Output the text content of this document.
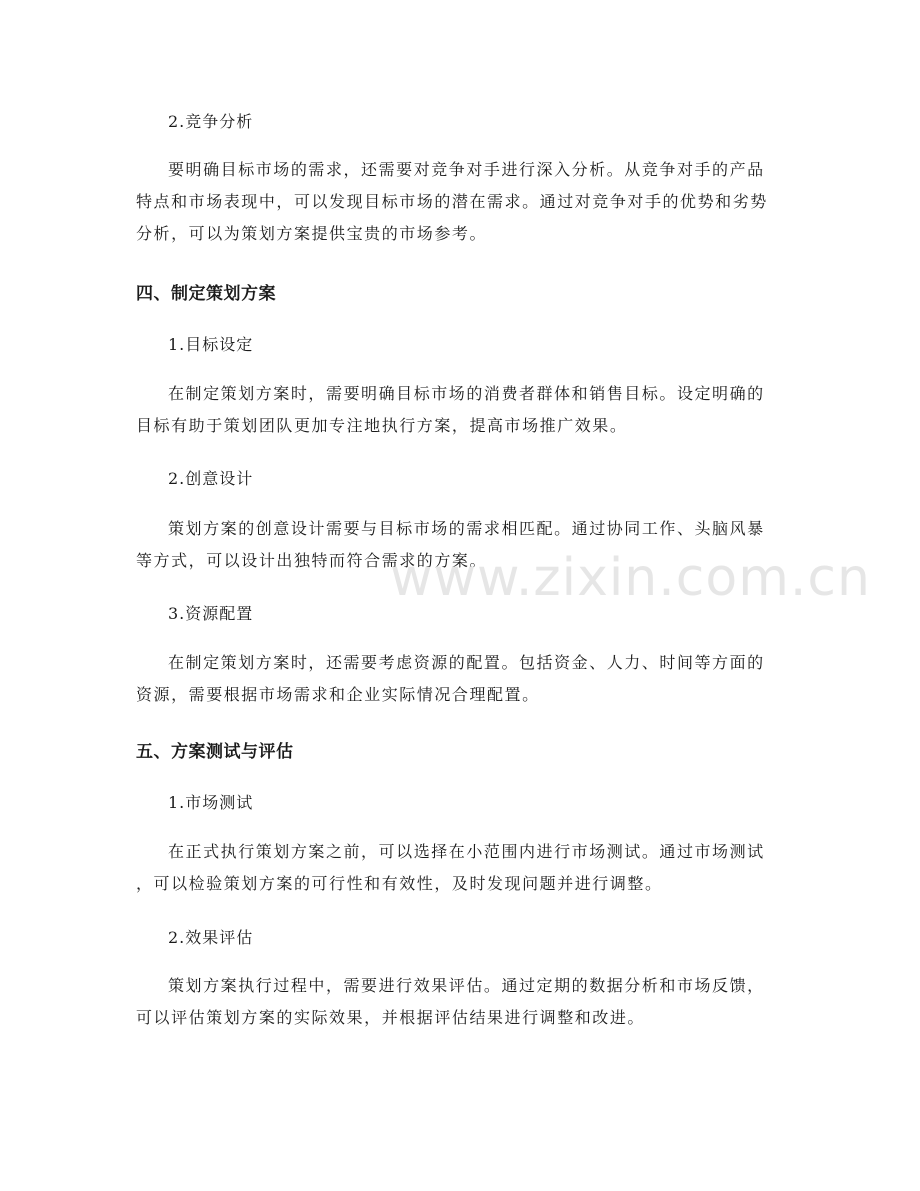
2.竞争分析

要明确目标市场的需求，还需要对竞争对手进行深入分析。从竞争对手的产品
特点和市场表现中，可以发现目标市场的潜在需求。通过对竞争对手的优势和劣势
分析，可以为策划方案提供宝贵的市场参考。

四、制定策划方案

1.目标设定

在制定策划方案时，需要明确目标市场的消费者群体和销售目标。设定明确的
目标有助于策划团队更加专注地执行方案，提高市场推广效果。

2.创意设计

策划方案的创意设计需要与目标市场的需求相匹配。通过协同工作、头脑风暴
等方式，可以设计出独特而符合需求的方案。

3.资源配置

在制定策划方案时，还需要考虑资源的配置。包括资金、人力、时间等方面的
资源，需要根据市场需求和企业实际情况合理配置。

五、方案测试与评估

1.市场测试

在正式执行策划方案之前，可以选择在小范围内进行市场测试。通过市场测试
，可以检验策划方案的可行性和有效性，及时发现问题并进行调整。

2.效果评估

策划方案执行过程中，需要进行效果评估。通过定期的数据分析和市场反馈，
可以评估策划方案的实际效果，并根据评估结果进行调整和改进。
www.zixin.com.cn
